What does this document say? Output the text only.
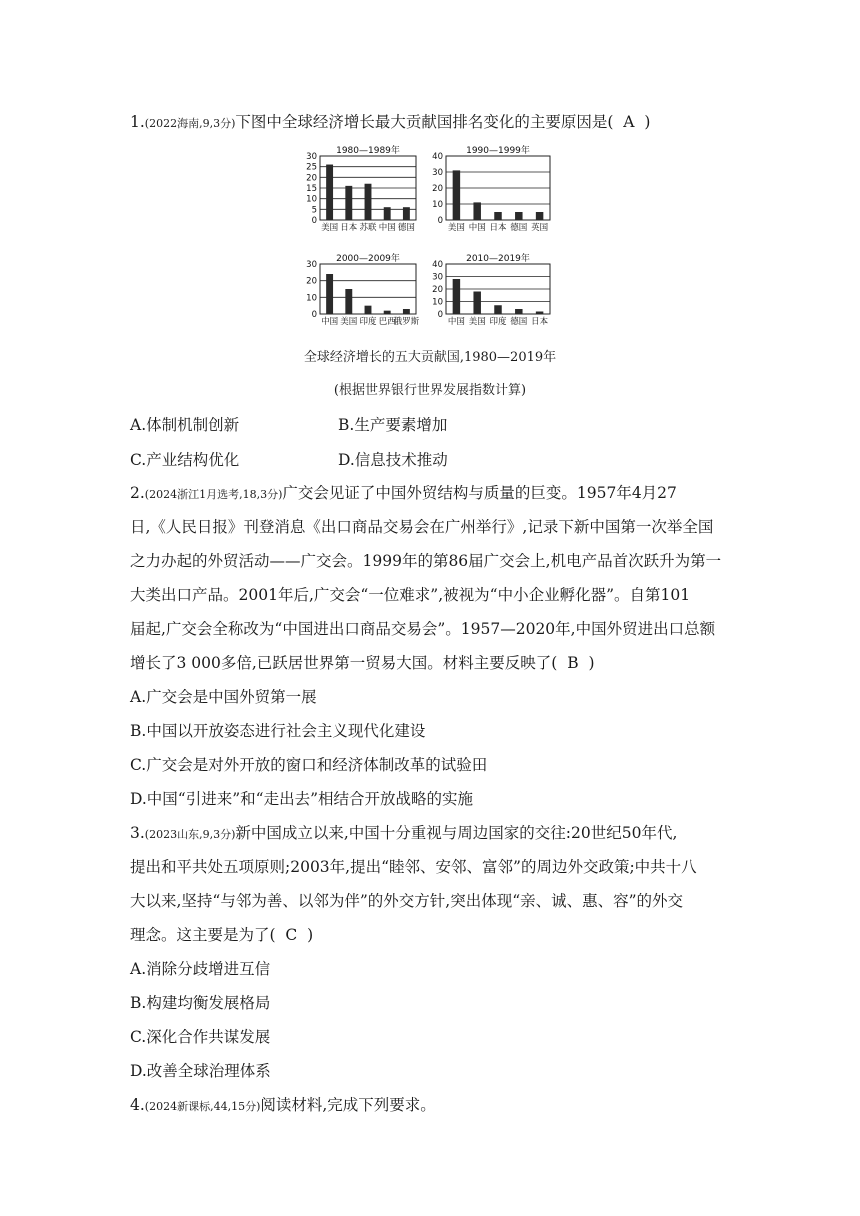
1.(2022海南,9,3分)下图中全球经济增长最大贡献国排名变化的主要原因是( A )
1980—1989年
0
5
10
15
20
25
30
美国 日本 苏联 中国 德国
1990—1999年
0
10
20
30
40
美国 中国 日本 德国 英国
2000—2009年
0
10
20
30
中国 美国 印度 巴西
俄罗斯
2010—2019年
0
10
20
30
40
中国 美国 印度 德国 日本
全球经济增长的五大贡献国,1980—2019年
(根据世界银行世界发展指数计算)
A.体制机制创新	B.生产要素增加
C.产业结构优化	D.信息技术推动
2.(2024浙江1月选考,18,3分)广交会见证了中国外贸结构与质量的巨变。1957年4月27
日,《人民日报》刊登消息《出口商品交易会在广州举行》,记录下新中国第一次举全国
之力办起的外贸活动——广交会。1999年的第86届广交会上,机电产品首次跃升为第一
大类出口产品。2001年后,广交会“一位难求”,被视为“中小企业孵化器”。自第101
届起,广交会全称改为“中国进出口商品交易会”。1957—2020年,中国外贸进出口总额
增长了3 000多倍,已跃居世界第一贸易大国。材料主要反映了( B )
A.广交会是中国外贸第一展
B.中国以开放姿态进行社会主义现代化建设
C.广交会是对外开放的窗口和经济体制改革的试验田
D.中国“引进来”和“走出去”相结合开放战略的实施
3.(2023山东,9,3分)新中国成立以来,中国十分重视与周边国家的交往:20世纪50年代,
提出和平共处五项原则;2003年,提出“睦邻、安邻、富邻”的周边外交政策;中共十八
大以来,坚持“与邻为善、以邻为伴”的外交方针,突出体现“亲、诚、惠、容”的外交
理念。这主要是为了( C )
A.消除分歧增进互信
B.构建均衡发展格局
C.深化合作共谋发展
D.改善全球治理体系
4.(2024新课标,44,15分)阅读材料,完成下列要求。
